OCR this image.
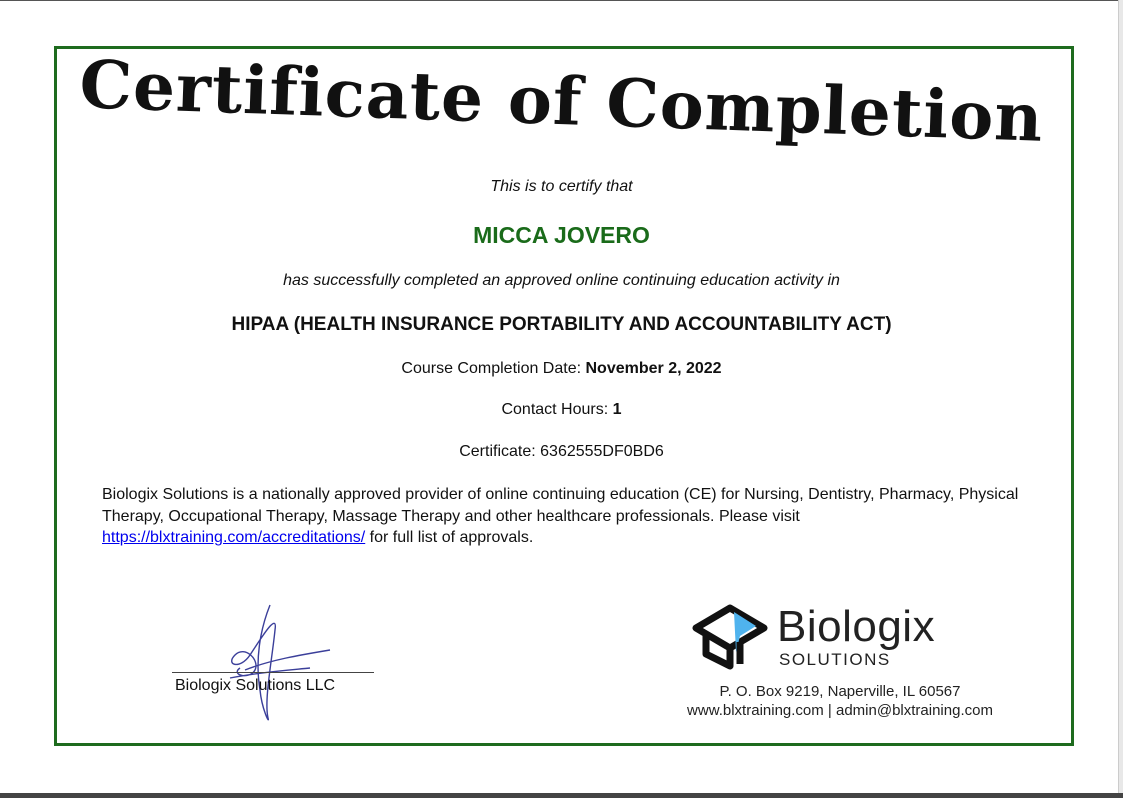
Certificate of Completion
This is to certify that
MICCA JOVERO
has successfully completed an approved online continuing education activity in
HIPAA (HEALTH INSURANCE PORTABILITY AND ACCOUNTABILITY ACT)
Course Completion Date: November 2, 2022
Contact Hours: 1
Certificate: 6362555DF0BD6
Biologix Solutions is a nationally approved provider of online continuing education (CE) for Nursing, Dentistry, Pharmacy, Physical Therapy, Occupational Therapy, Massage Therapy and other healthcare professionals. Please visit
https://blxtraining.com/accreditations/ for full list of approvals.
Biologix Solutions LLC
Biologix
SOLUTIONS
P. O. Box 9219, Naperville, IL 60567
www.blxtraining.com | admin@blxtraining.com
